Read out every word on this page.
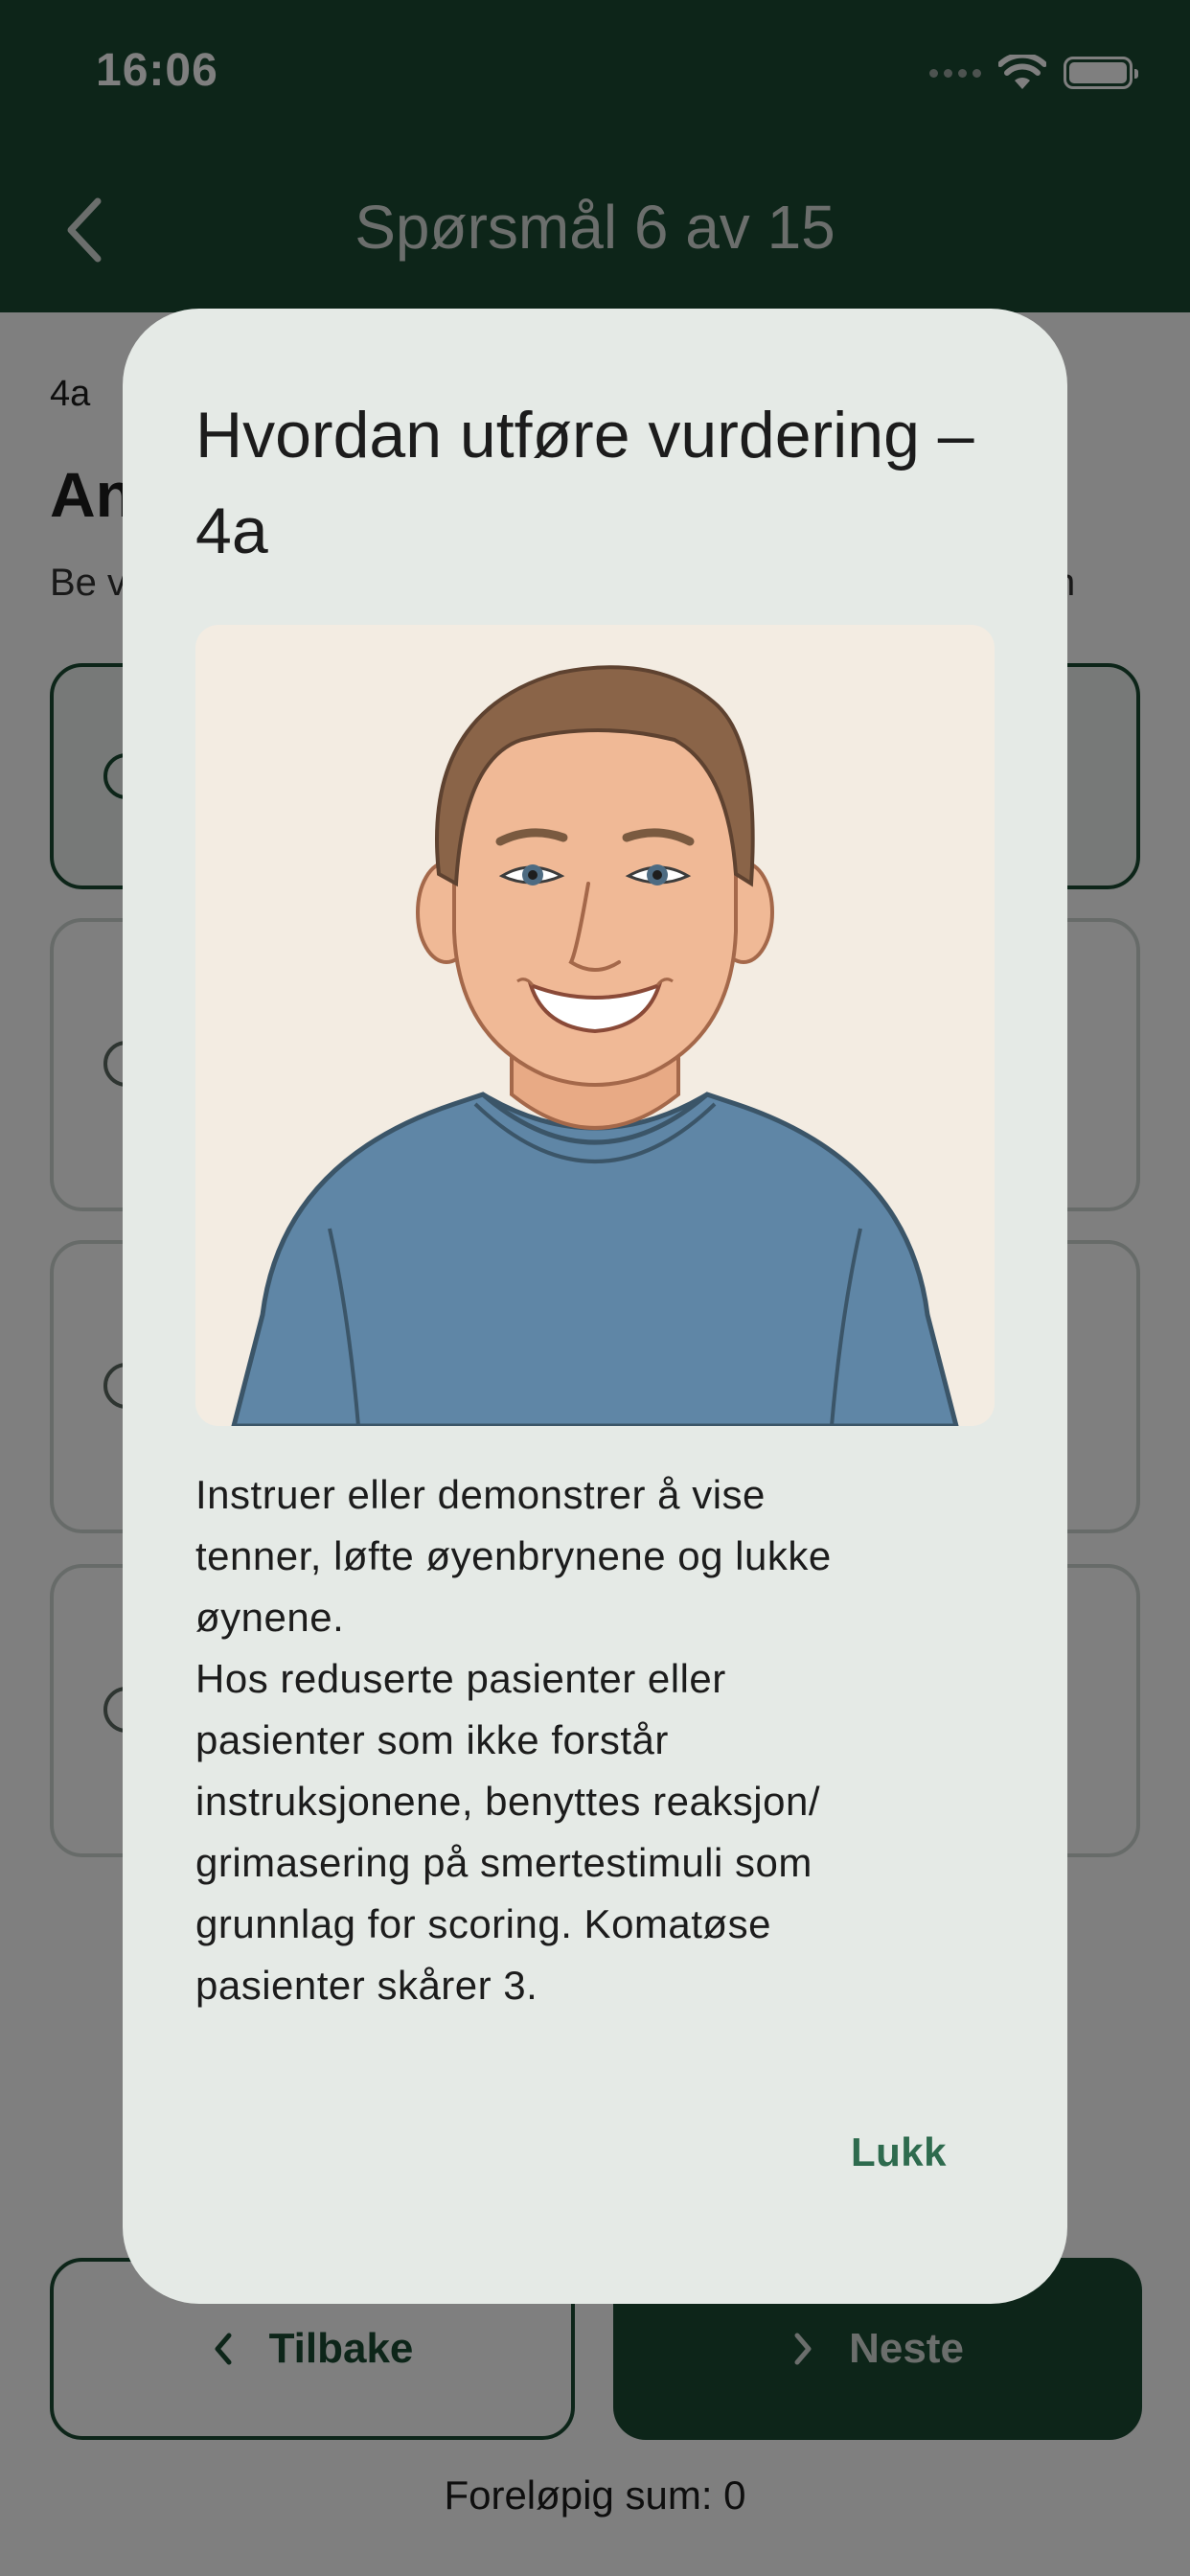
Hvordan utføre vurdering – 4a
Instruer eller demonstrer å vise
tenner, løfte øyenbrynene og lukke
øynene.
Hos reduserte pasienter eller
pasienter som ikke forstår
instruksjonene, benyttes reaksjon/
grimasering på smertestimuli som
grunnlag for scoring. Komatøse
pasienter skårer 3.
Lukk
